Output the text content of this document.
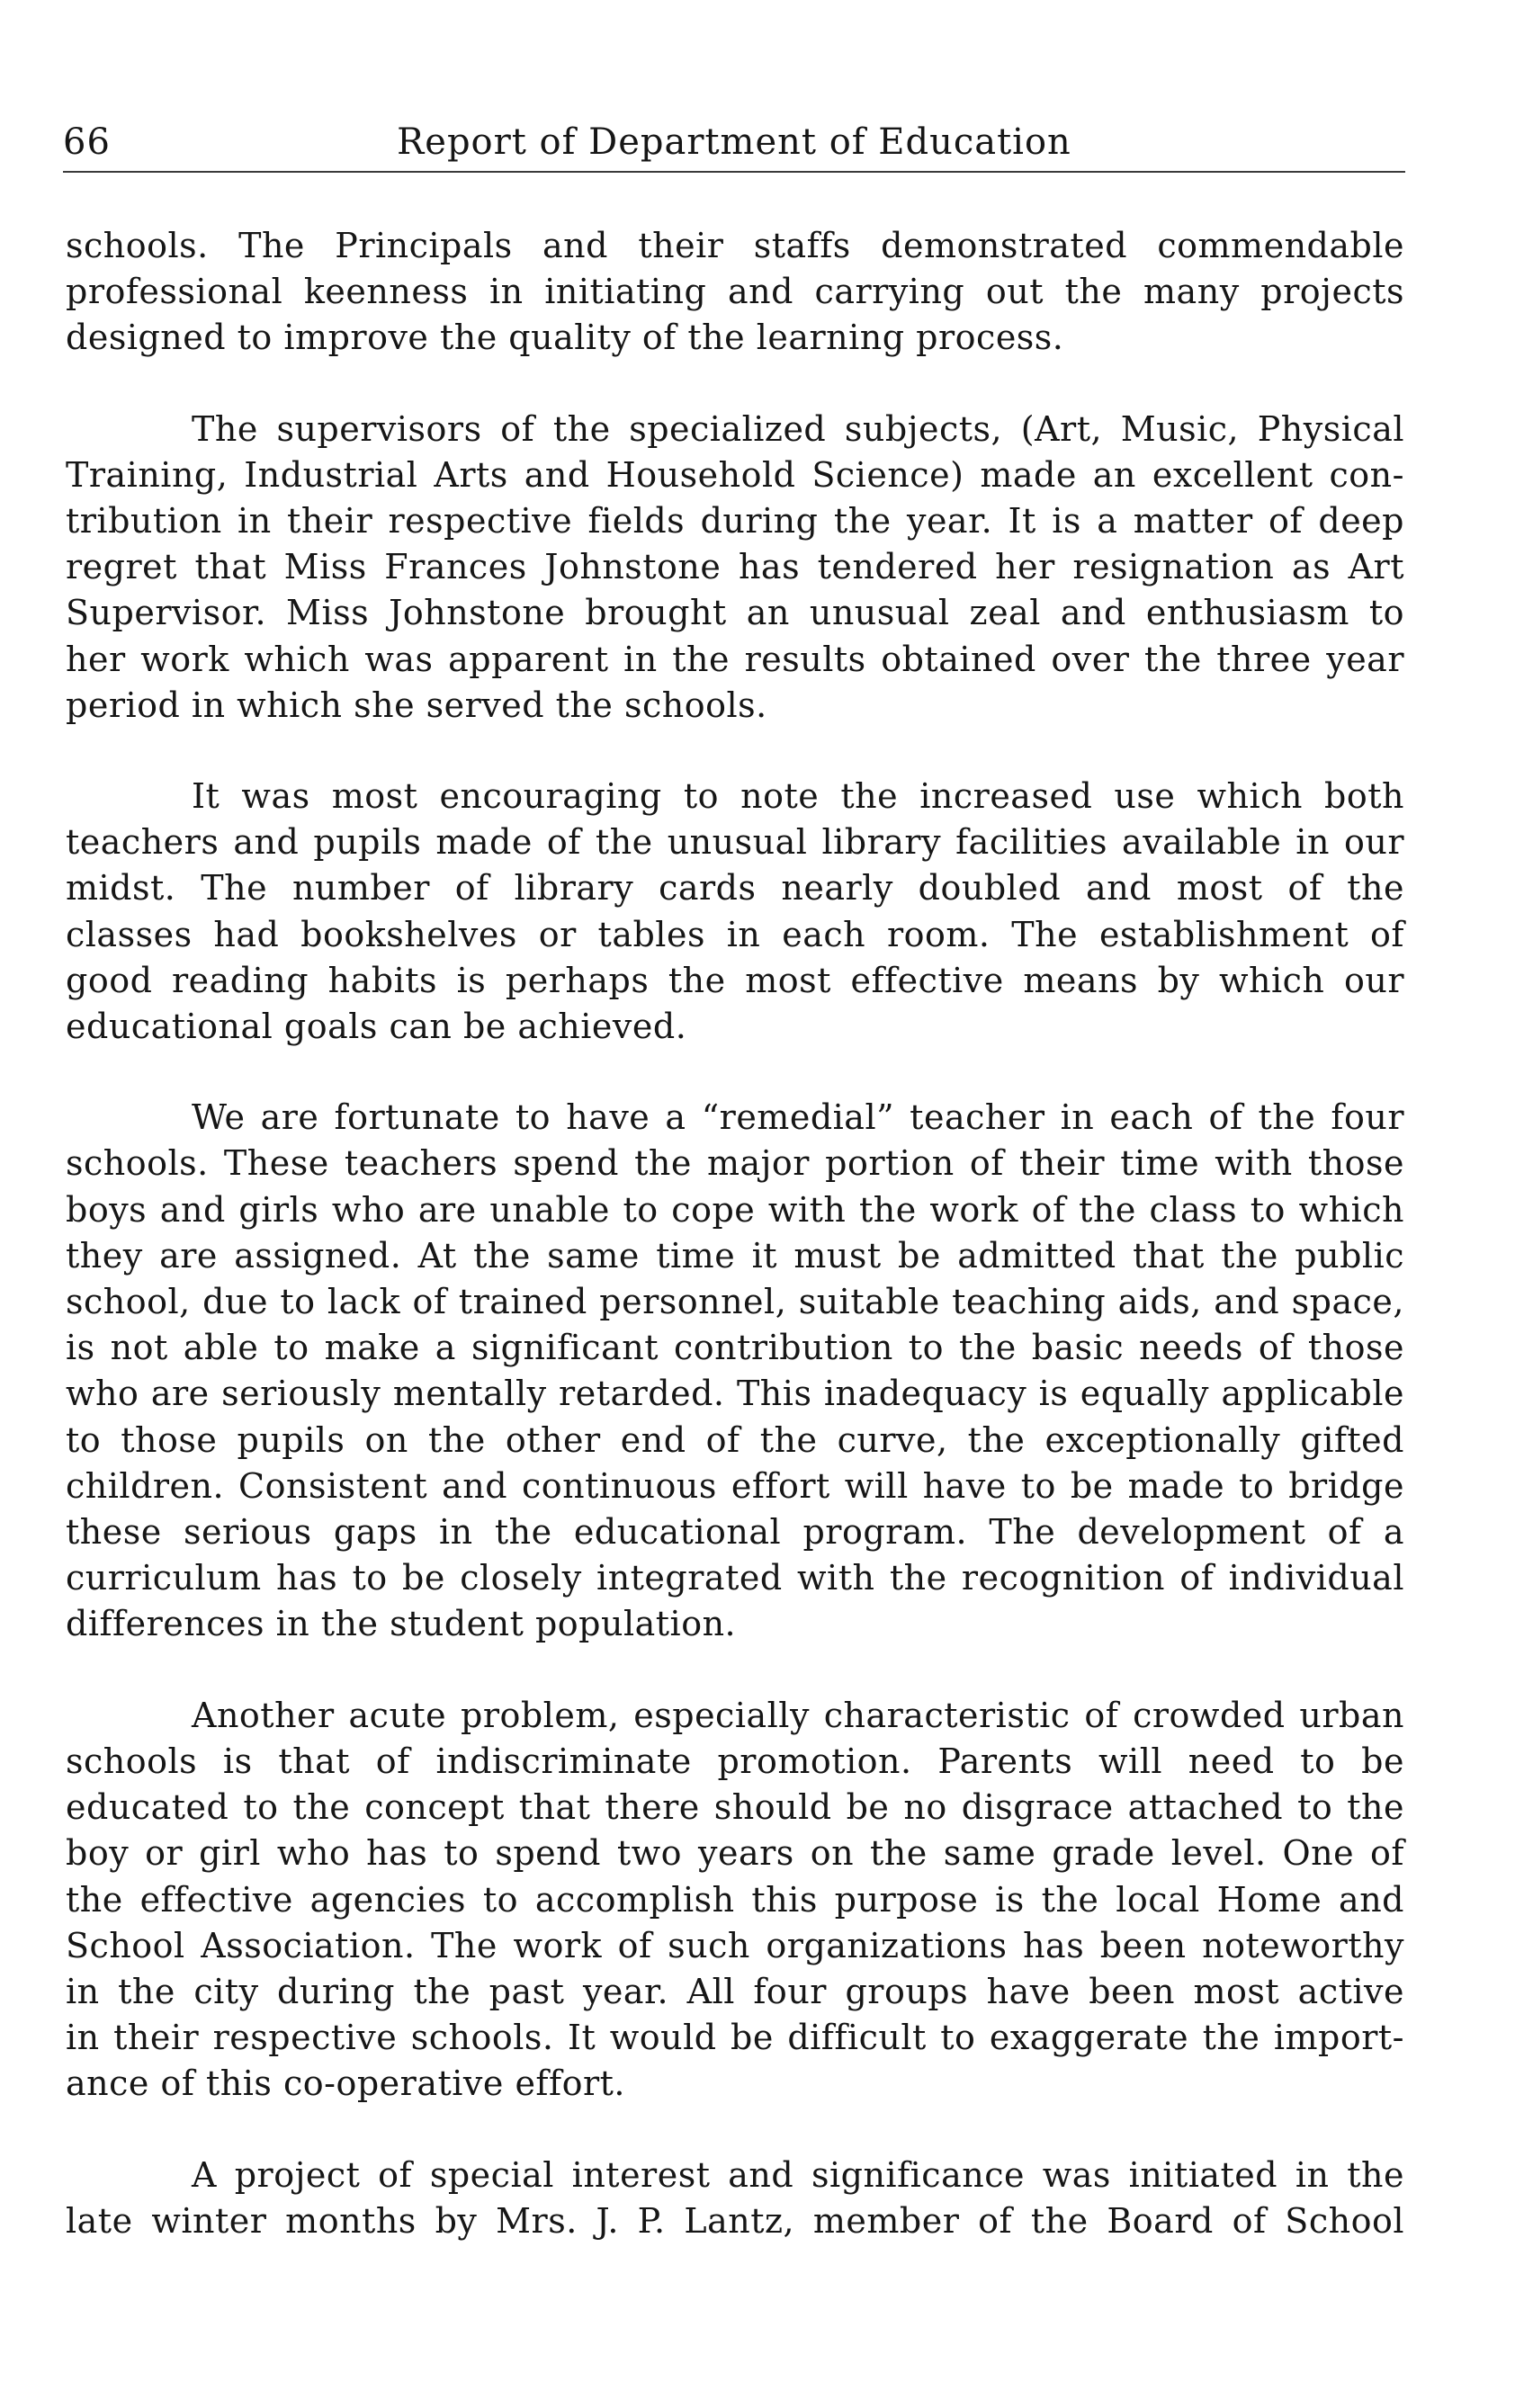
66	Report of Department of Education

schools. The Principals and their staffs demonstrated commendable
professional keenness in initiating and carrying out the many projects
designed to improve the quality of the learning process.

The supervisors of the specialized subjects, (Art, Music, Physical
Training, Industrial Arts and Household Science) made an excellent con-
tribution in their respective fields during the year. It is a matter of deep
regret that Miss Frances Johnstone has tendered her resignation as Art
Supervisor. Miss Johnstone brought an unusual zeal and enthusiasm to
her work which was apparent in the results obtained over the three year
period in which she served the schools.

It was most encouraging to note the increased use which both
teachers and pupils made of the unusual library facilities available in our
midst. The number of library cards nearly doubled and most of the
classes had bookshelves or tables in each room. The establishment of
good reading habits is perhaps the most effective means by which our
educational goals can be achieved.

We are fortunate to have a “remedial” teacher in each of the four
schools. These teachers spend the major portion of their time with those
boys and girls who are unable to cope with the work of the class to which
they are assigned. At the same time it must be admitted that the public
school, due to lack of trained personnel, suitable teaching aids, and space,
is not able to make a significant contribution to the basic needs of those
who are seriously mentally retarded. This inadequacy is equally applicable
to those pupils on the other end of the curve, the exceptionally gifted
children. Consistent and continuous effort will have to be made to bridge
these serious gaps in the educational program. The development of a
curriculum has to be closely integrated with the recognition of individual
differences in the student population.

Another acute problem, especially characteristic of crowded urban
schools is that of indiscriminate promotion. Parents will need to be
educated to the concept that there should be no disgrace attached to the
boy or girl who has to spend two years on the same grade level. One of
the effective agencies to accomplish this purpose is the local Home and
School Association. The work of such organizations has been noteworthy
in the city during the past year. All four groups have been most active
in their respective schools. It would be difficult to exaggerate the import-
ance of this co-operative effort.

A project of special interest and significance was initiated in the
late winter months by Mrs. J. P. Lantz, member of the Board of School
